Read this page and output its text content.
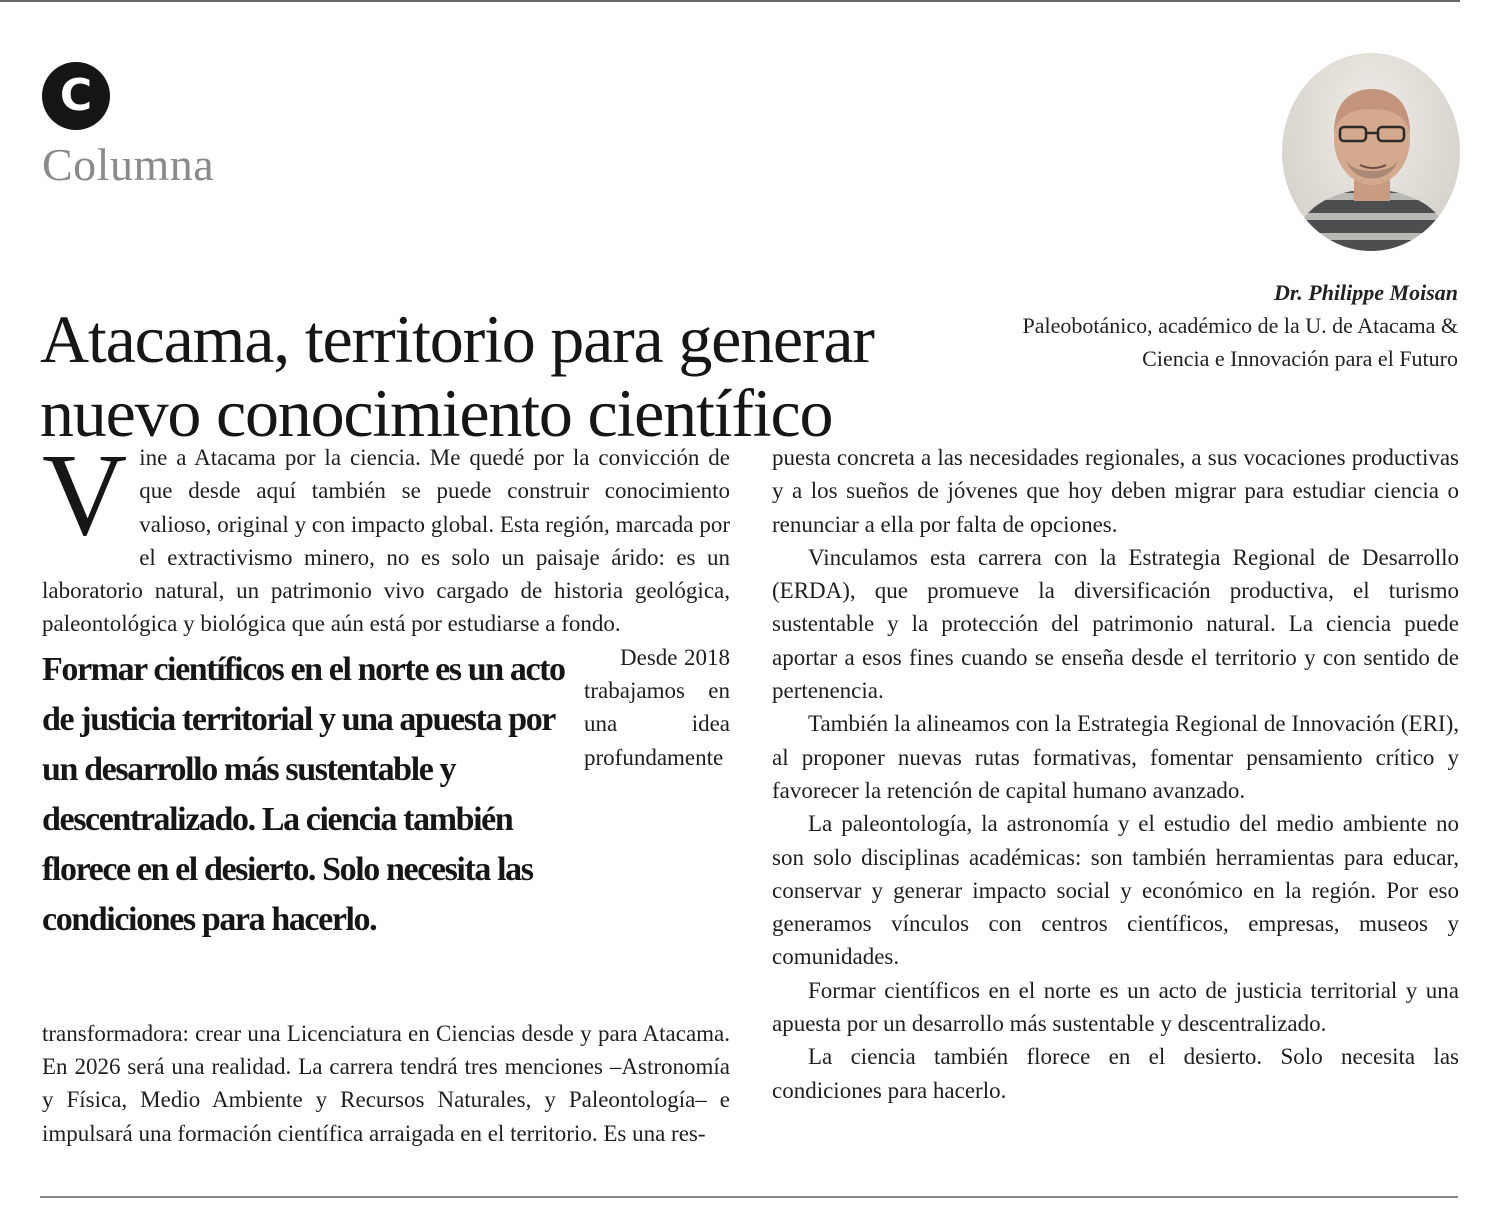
C
Columna
Atacama, territorio para generar
nuevo conocimiento científico
Dr. Philippe Moisan
Paleobotánico, académico de la U. de Atacama & Ciencia e Innovación para el Futuro
V ine a Atacama por la ciencia. Me quedé por la convicción de que desde aquí también se puede construir conocimiento valioso, original y con impacto global. Esta región, marcada por el extractivismo minero, no es solo un paisaje árido: es un laboratorio natural, un patrimonio vivo cargado de historia geológica, paleontológica y biológica que aún está por estudiarse a fondo.

Formar científicos en el norte es un acto de justicia territorial y una apuesta por un desarrollo más sustentable y descentralizado. La ciencia también florece en el desierto. Solo necesita las condiciones para hacerlo.

Desde 2018 trabajamos en una idea profundamente transformadora: crear una Licenciatura en Ciencias desde y para Atacama. En 2026 será una realidad. La carrera tendrá tres menciones –Astronomía y Física, Medio Ambiente y Recursos Naturales, y Paleontología– e impulsará una formación científica arraigada en el territorio. Es una res-

puesta concreta a las necesidades regionales, a sus vocaciones productivas y a los sueños de jóvenes que hoy deben migrar para estudiar ciencia o renunciar a ella por falta de opciones.

Vinculamos esta carrera con la Estrategia Regional de Desarrollo (ERDA), que promueve la diversificación productiva, el turismo sustentable y la protección del patrimonio natural. La ciencia puede aportar a esos fines cuando se enseña desde el territorio y con sentido de pertenencia.

También la alineamos con la Estrategia Regional de Innovación (ERI), al proponer nuevas rutas formativas, fomentar pensamiento crítico y favorecer la retención de capital humano avanzado.

La paleontología, la astronomía y el estudio del medio ambiente no son solo disciplinas académicas: son también herramientas para educar, conservar y generar impacto social y económico en la región. Por eso generamos vínculos con centros científicos, empresas, museos y comunidades.

Formar científicos en el norte es un acto de justicia territorial y una apuesta por un desarrollo más sustentable y descentralizado.

La ciencia también florece en el desierto. Solo necesita las condiciones para hacerlo.
